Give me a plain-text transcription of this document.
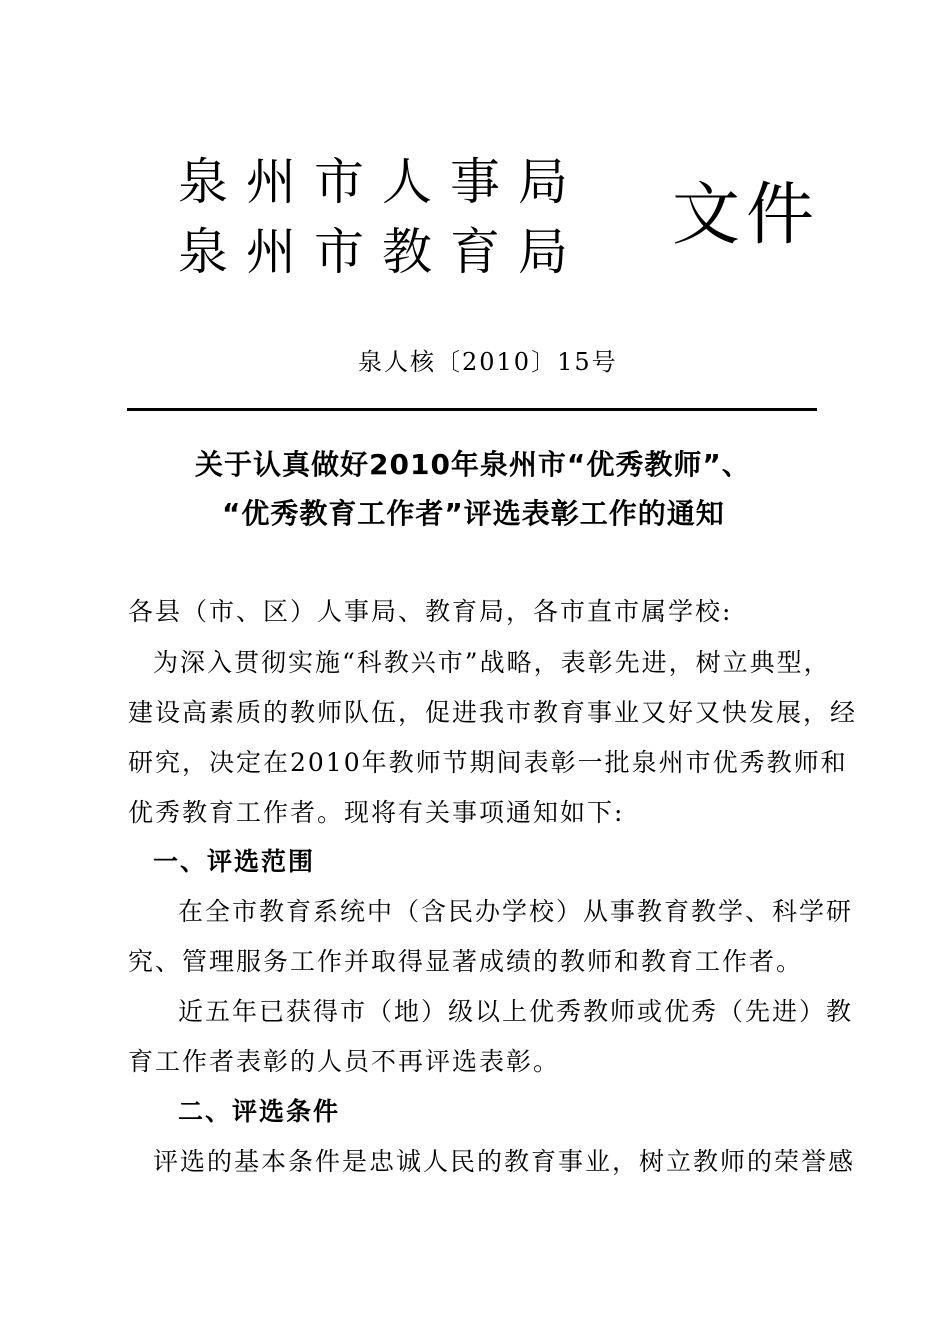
泉州市人事局
泉州市教育局 文件
泉人核〔2010〕15号
关于认真做好2010年泉州市“优秀教师”、
“优秀教育工作者”评选表彰工作的通知
各县（市、区）人事局、教育局，各市直市属学校:
为深入贯彻实施“科教兴市”战略，表彰先进，树立典型，
建设高素质的教师队伍，促进我市教育事业又好又快发展，经
研究，决定在2010年教师节期间表彰一批泉州市优秀教师和
优秀教育工作者。现将有关事项通知如下:
一、评选范围
在全市教育系统中（含民办学校）从事教育教学、科学研
究、管理服务工作并取得显著成绩的教师和教育工作者。
近五年已获得市（地）级以上优秀教师或优秀（先进）教
育工作者表彰的人员不再评选表彰。
二、评选条件
评选的基本条件是忠诚人民的教育事业，树立教师的荣誉感
